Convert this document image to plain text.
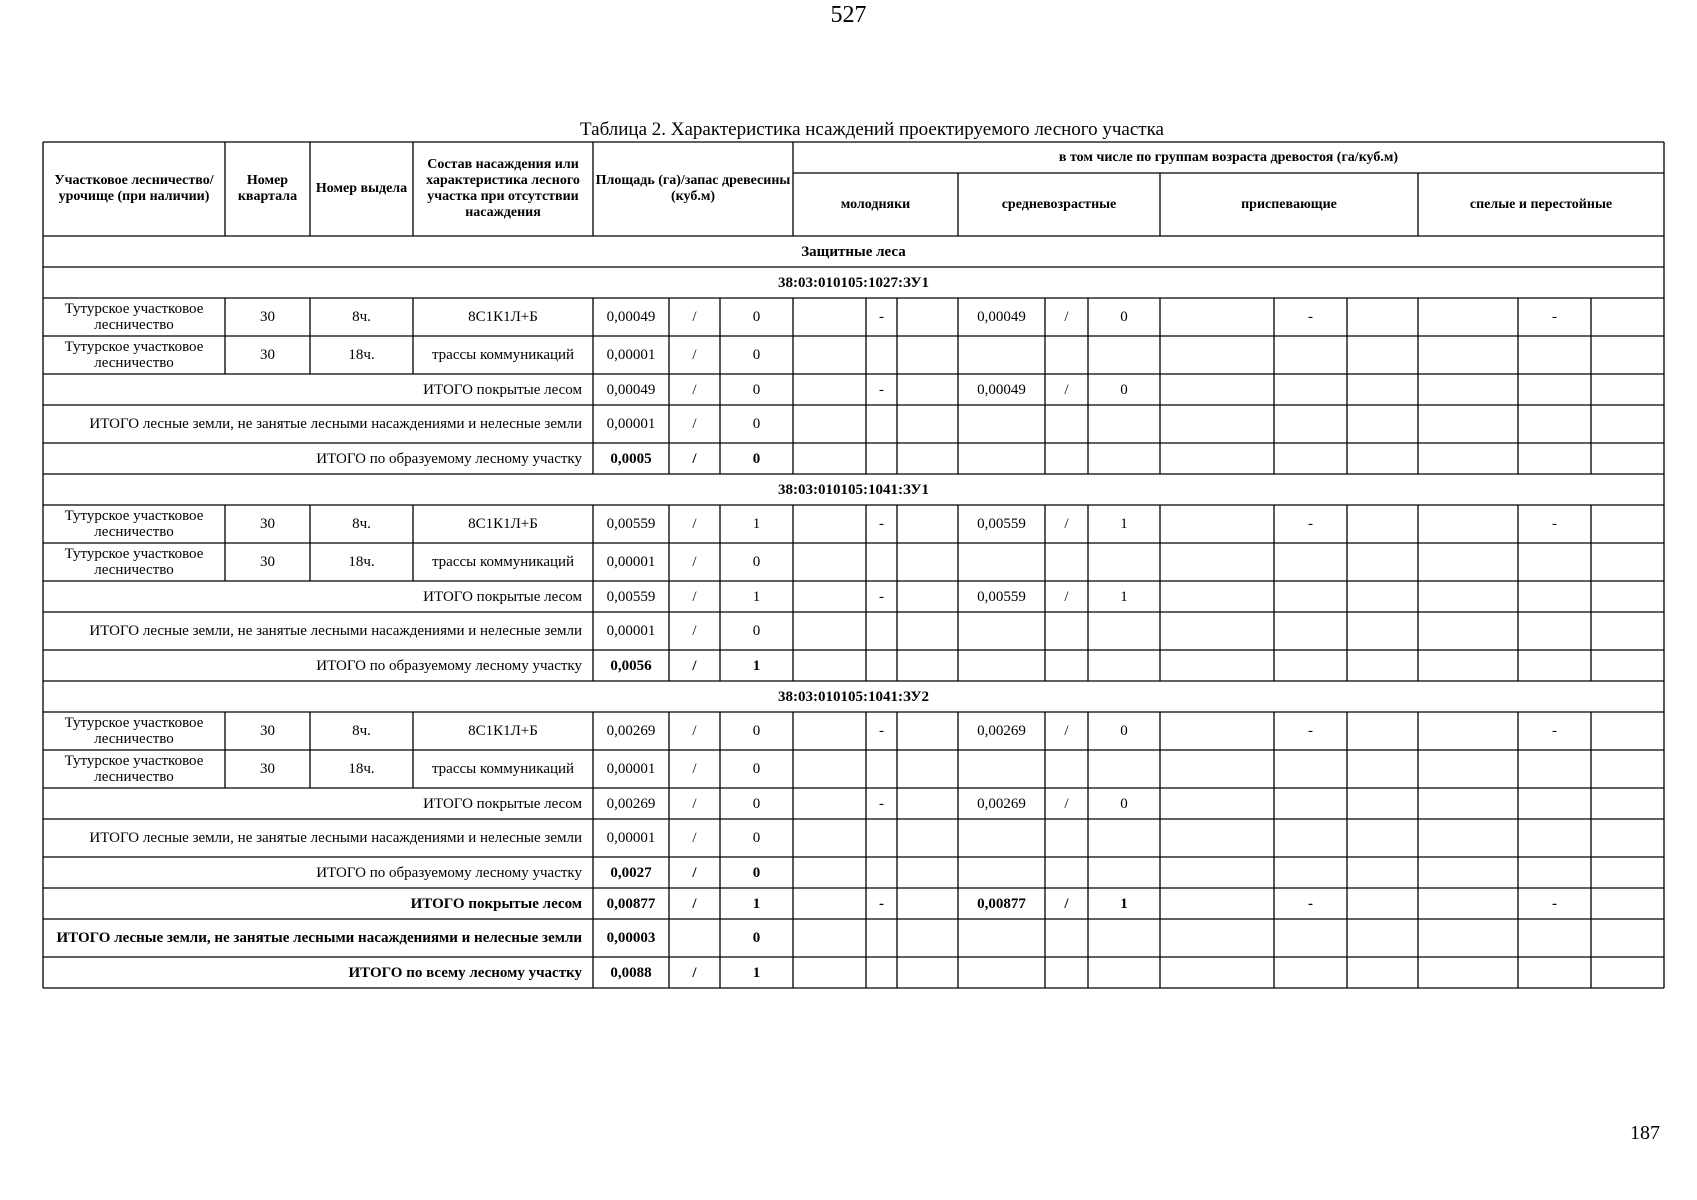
527
Таблица 2. Характеристика нсаждений проектируемого лесного участка
Участковое лесничество/ урочище (при наличии)
Номер квартала
Номер выдела
Состав насаждения или характеристика лесного участка при отсутствии насаждения
Площадь (га)/запас древесины (куб.м)
в том числе по группам возраста древостоя (га/куб.м)
молодняки	средневозрастные	приспевающие	спелые и перестойные
Защитные леса
38:03:010105:1027:ЗУ1
Тутурское участковое лесничество	30	8ч.	8С1К1Л+Б	0,00049	/	0	-	0,00049	/	0	-	-
Тутурское участковое лесничество	30	18ч.	трассы коммуникаций	0,00001	/	0
ИТОГО покрытые лесом	0,00049	/	0	-	0,00049	/	0
ИТОГО лесные земли, не занятые лесными насаждениями и нелесные земли	0,00001	/	0
ИТОГО по образуемому лесному участку	0,0005	/	0
38:03:010105:1041:ЗУ1
Тутурское участковое лесничество	30	8ч.	8С1К1Л+Б	0,00559	/	1	-	0,00559	/	1	-	-
Тутурское участковое лесничество	30	18ч.	трассы коммуникаций	0,00001	/	0
ИТОГО покрытые лесом	0,00559	/	1	-	0,00559	/	1
ИТОГО лесные земли, не занятые лесными насаждениями и нелесные земли	0,00001	/	0
ИТОГО по образуемому лесному участку	0,0056	/	1
38:03:010105:1041:ЗУ2
Тутурское участковое лесничество	30	8ч.	8С1К1Л+Б	0,00269	/	0	-	0,00269	/	0	-	-
Тутурское участковое лесничество	30	18ч.	трассы коммуникаций	0,00001	/	0
ИТОГО покрытые лесом	0,00269	/	0	-	0,00269	/	0
ИТОГО лесные земли, не занятые лесными насаждениями и нелесные земли	0,00001	/	0
ИТОГО по образуемому лесному участку	0,0027	/	0
ИТОГО покрытые лесом	0,00877	/	1	-	0,00877	/	1	-	-
ИТОГО лесные земли, не занятые лесными насаждениями и нелесные земли	0,00003	0
ИТОГО по всему лесному участку	0,0088	/	1
187
